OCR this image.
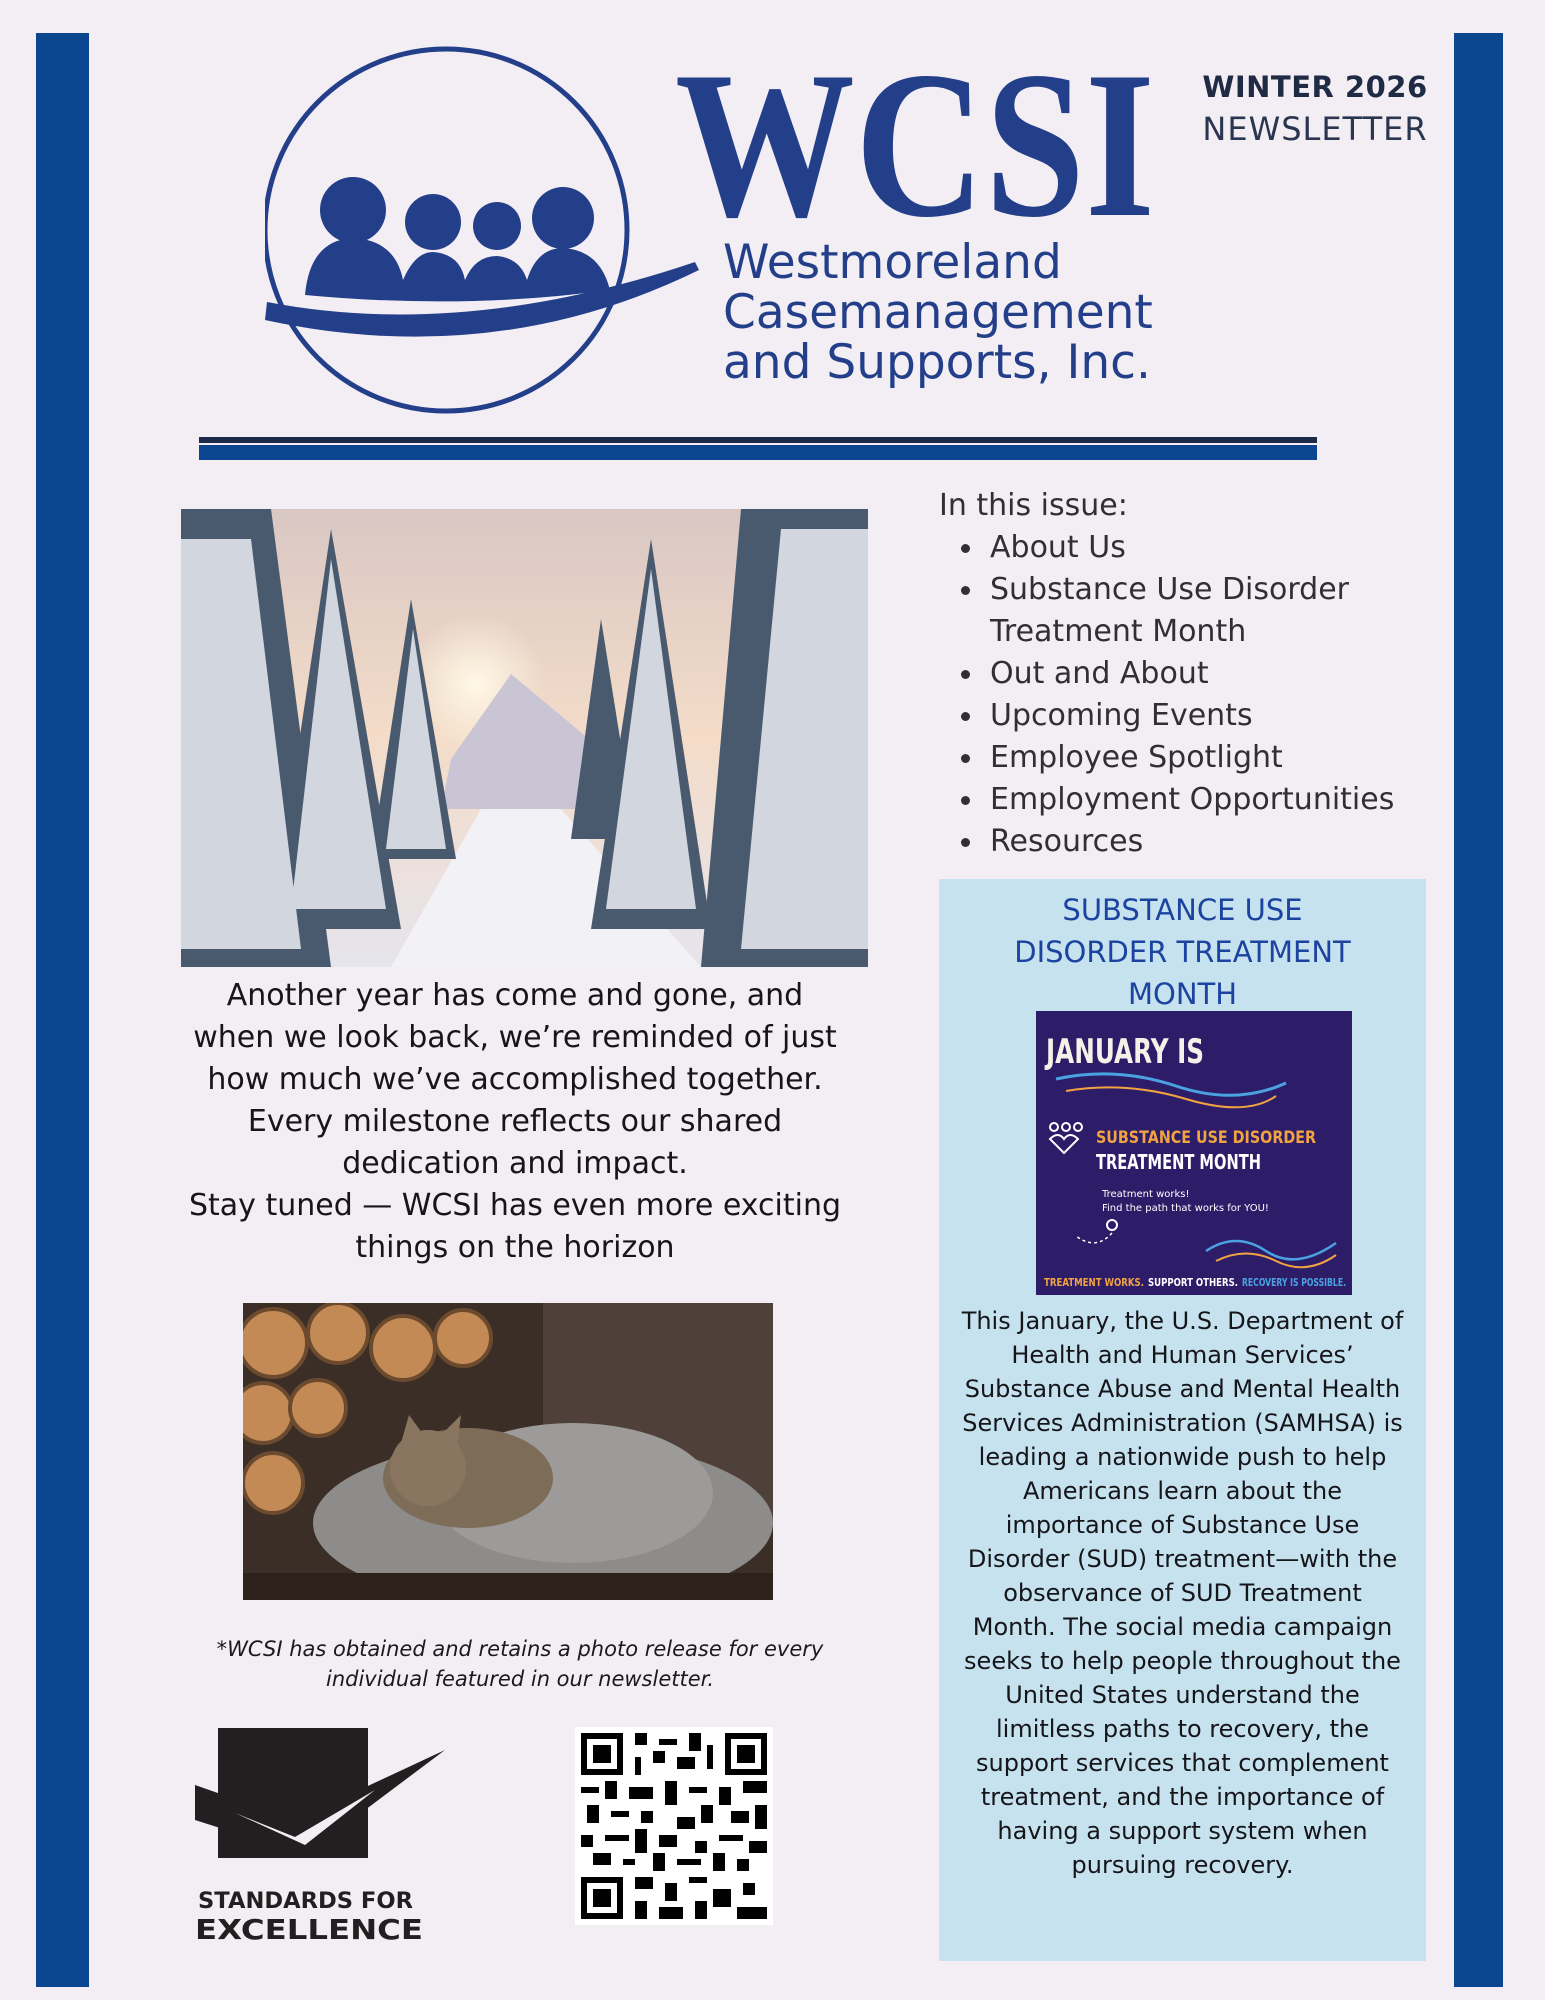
WCSI
Westmoreland
Casemanagement
and Supports, Inc.
WINTER 2026
NEWSLETTER

Another year has come and gone, and when we look back, we’re reminded of just how much we’ve accomplished together. Every milestone reflects our shared dedication and impact.

Stay tuned — WCSI has even more exciting things on the horizon

*WCSI has obtained and retains a photo release for every individual featured in our newsletter.
STANDARDS FOR
EXCELLENCE
In this issue:
About Us
Substance Use Disorder Treatment Month
Out and About
Upcoming Events
Employee Spotlight
Employment Opportunities
Resources
SUBSTANCE USE DISORDER TREATMENT MONTH
JANUARY IS
SUBSTANCE USE DISORDER
TREATMENT MONTH
Treatment works!
Find the path that works for YOU!
TREATMENT WORKS. SUPPORT OTHERS. RECOVERY IS POSSIBLE.
This January, the U.S. Department of Health and Human Services’ Substance Abuse and Mental Health Services Administration (SAMHSA) is leading a nationwide push to help Americans learn about the importance of Substance Use Disorder (SUD) treatment—with the observance of SUD Treatment Month. The social media campaign seeks to help people throughout the United States understand the limitless paths to recovery, the support services that complement treatment, and the importance of having a support system when pursuing recovery.
